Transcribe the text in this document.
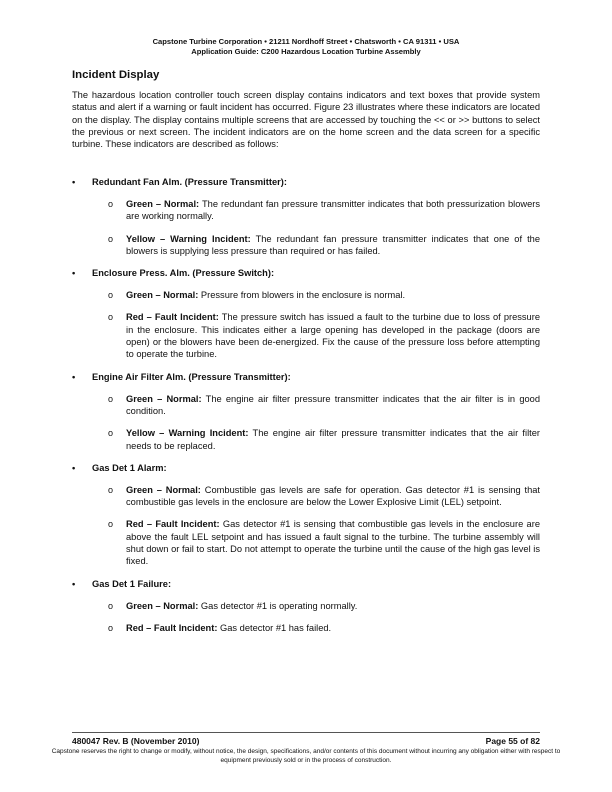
Capstone Turbine Corporation • 21211 Nordhoff Street • Chatsworth • CA 91311 • USA
Application Guide: C200 Hazardous Location Turbine Assembly
Incident Display

The hazardous location controller touch screen display contains indicators and text boxes that provide system status and alert if a warning or fault incident has occurred. Figure 23 illustrates where these indicators are located on the display. The display contains multiple screens that are accessed by touching the << or >> buttons to select the previous or next screen. The incident indicators are on the home screen and the data screen for a specific turbine. These indicators are described as follows:

• Redundant Fan Alm. (Pressure Transmitter):
o Green – Normal: The redundant fan pressure transmitter indicates that both pressurization blowers are working normally.
o Yellow – Warning Incident: The redundant fan pressure transmitter indicates that one of the blowers is supplying less pressure than required or has failed.
• Enclosure Press. Alm. (Pressure Switch):
o Green – Normal: Pressure from blowers in the enclosure is normal.
o Red – Fault Incident: The pressure switch has issued a fault to the turbine due to loss of pressure in the enclosure. This indicates either a large opening has developed in the package (doors are open) or the blowers have been de-energized. Fix the cause of the pressure loss before attempting to operate the turbine.
• Engine Air Filter Alm. (Pressure Transmitter):
o Green – Normal: The engine air filter pressure transmitter indicates that the air filter is in good condition.
o Yellow – Warning Incident: The engine air filter pressure transmitter indicates that the air filter needs to be replaced.
• Gas Det 1 Alarm:
o Green – Normal: Combustible gas levels are safe for operation. Gas detector #1 is sensing that combustible gas levels in the enclosure are below the Lower Explosive Limit (LEL) setpoint.
o Red – Fault Incident: Gas detector #1 is sensing that combustible gas levels in the enclosure are above the fault LEL setpoint and has issued a fault signal to the turbine. The turbine assembly will shut down or fail to start. Do not attempt to operate the turbine until the cause of the high gas level is fixed.
• Gas Det 1 Failure:
o Green – Normal: Gas detector #1 is operating normally.
o Red – Fault Incident: Gas detector #1 has failed.
480047 Rev. B (November 2010)	Page 55 of 82
Capstone reserves the right to change or modify, without notice, the design, specifications, and/or contents of this document without incurring any obligation either with respect to equipment previously sold or in the process of construction.
